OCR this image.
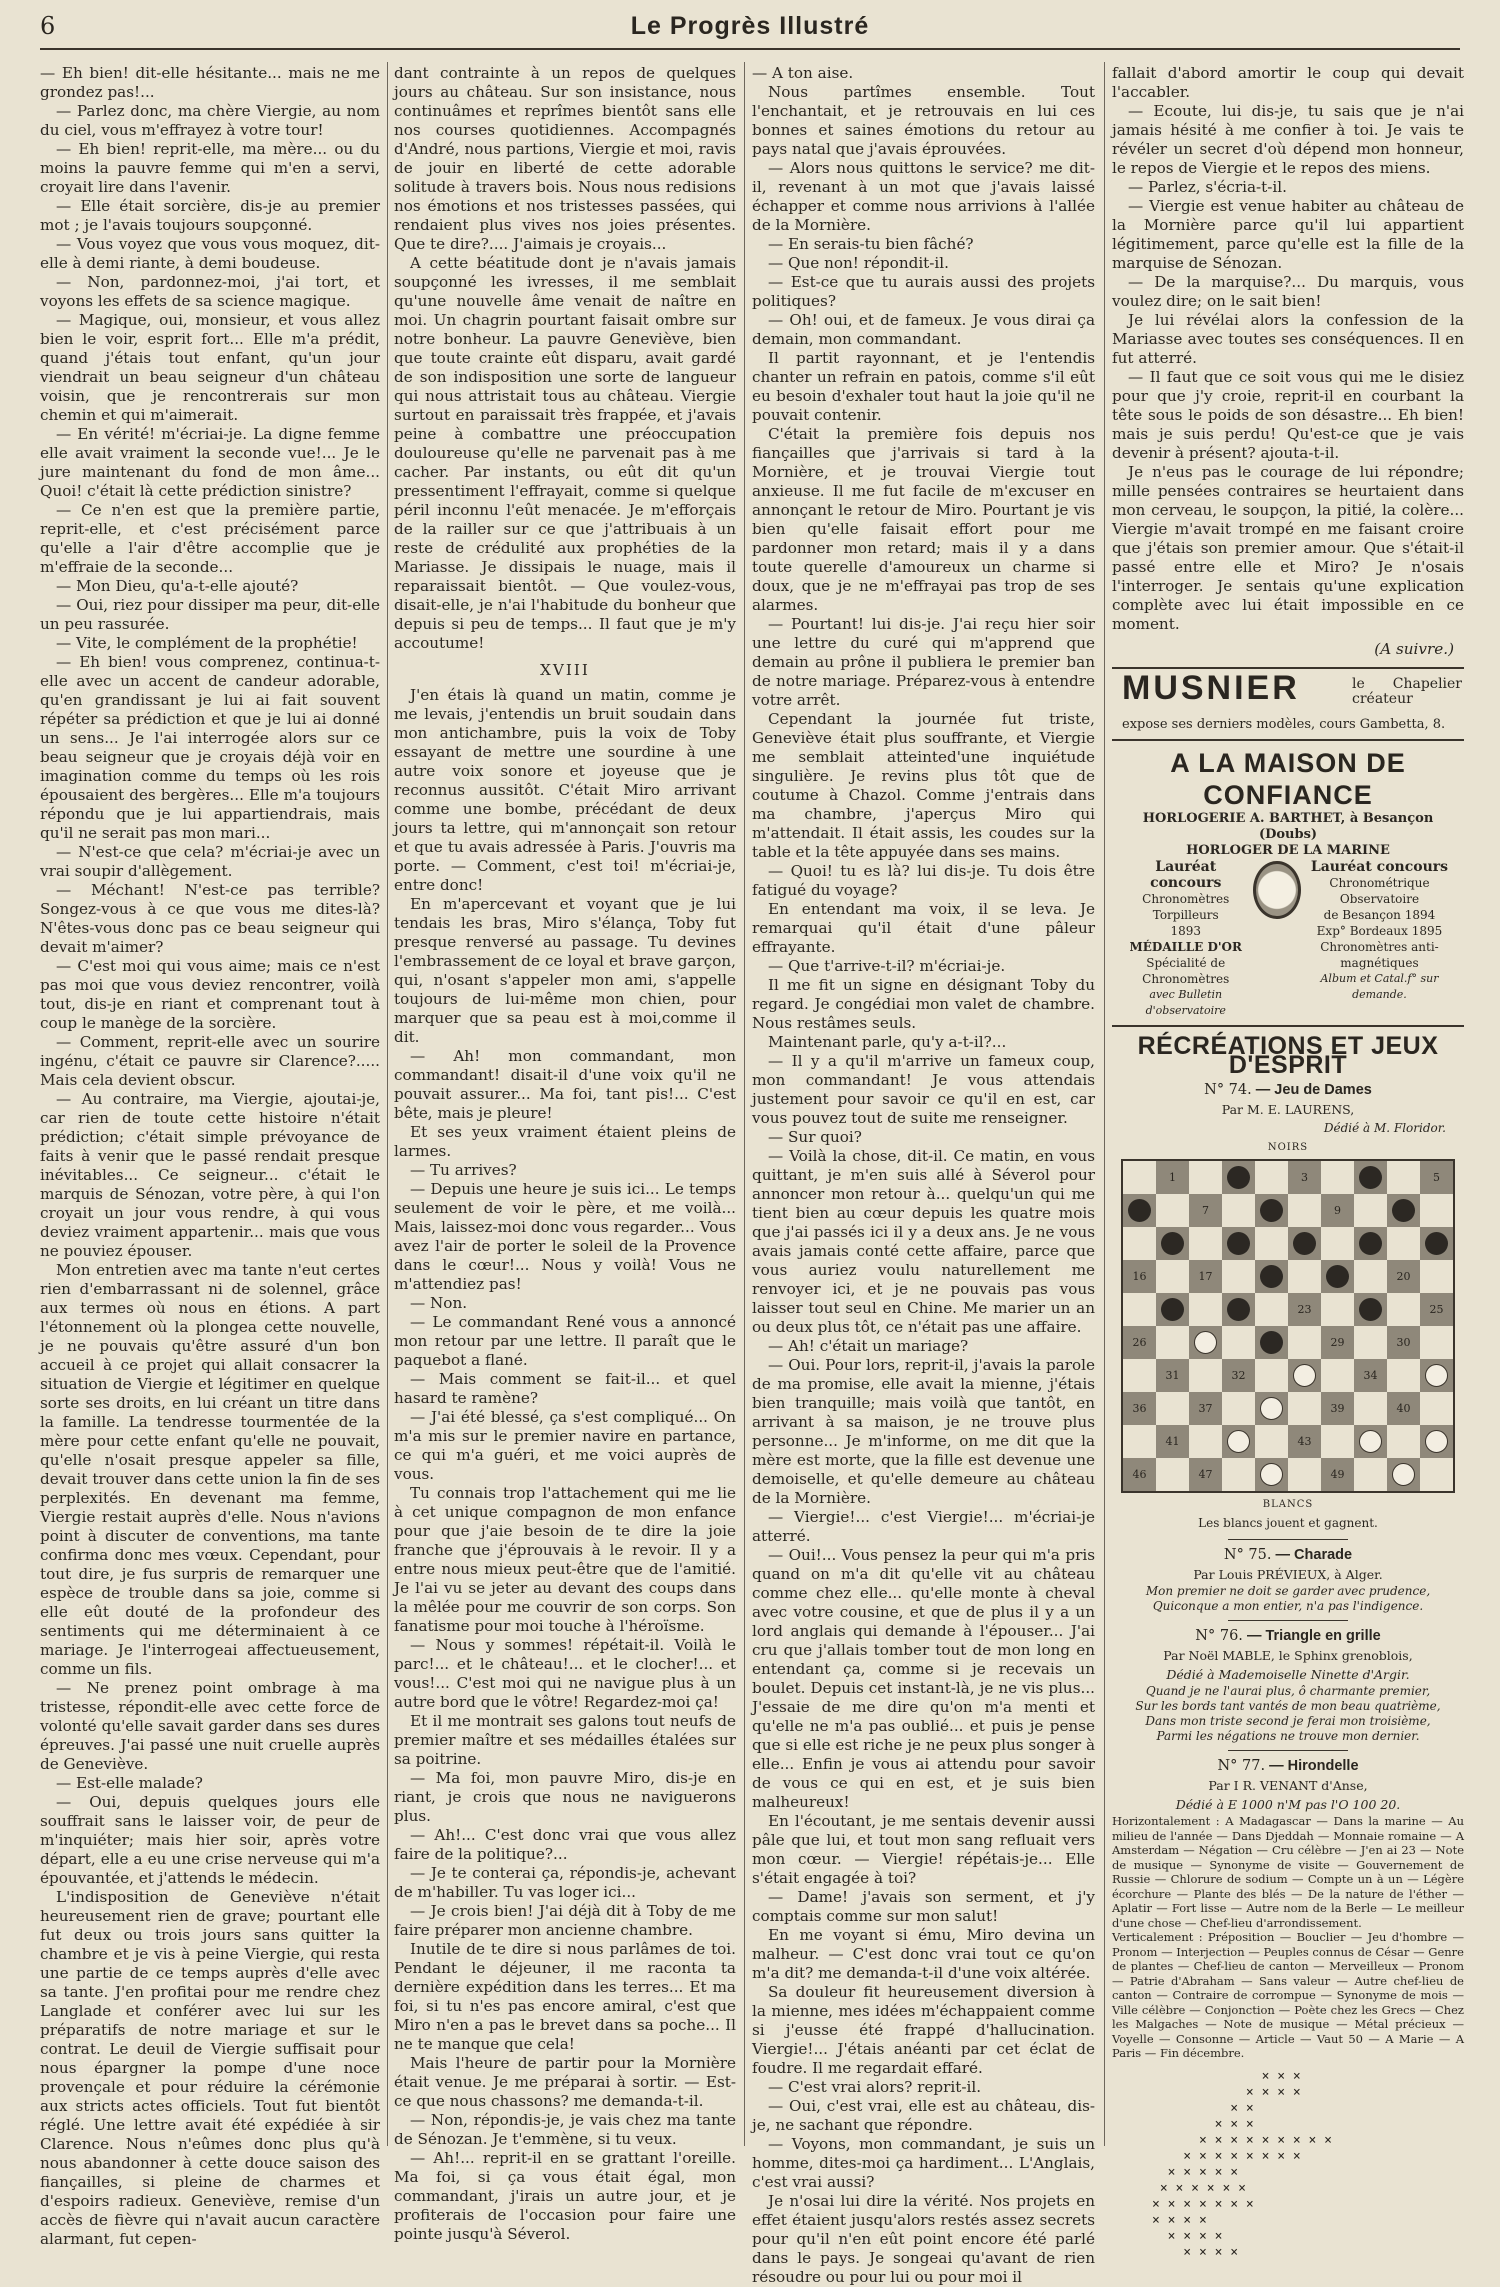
6	Le Progrès Illustré

— Eh bien! dit-elle hésitante... mais ne me grondez pas!...

— Parlez donc, ma chère Viergie, au nom du ciel, vous m'effrayez à votre tour!

— Eh bien! reprit-elle, ma mère... ou du moins la pauvre femme qui m'en a servi, croyait lire dans l'avenir.

— Elle était sorcière, dis-je au premier mot ; je l'avais toujours soupçonné.

— Vous voyez que vous vous moquez, dit-elle à demi riante, à demi boudeuse.

— Non, pardonnez-moi, j'ai tort, et voyons les effets de sa science magique.

— Magique, oui, monsieur, et vous allez bien le voir, esprit fort... Elle m'a prédit, quand j'étais tout enfant, qu'un jour viendrait un beau seigneur d'un château voisin, que je rencontrerais sur mon chemin et qui m'aimerait.

— En vérité! m'écriai-je. La digne femme elle avait vraiment la seconde vue!... Je le jure maintenant du fond de mon âme... Quoi! c'était là cette prédiction sinistre?

— Ce n'en est que la première partie, reprit-elle, et c'est précisément parce qu'elle a l'air d'être accomplie que je m'effraie de la seconde...

— Mon Dieu, qu'a-t-elle ajouté?

— Oui, riez pour dissiper ma peur, dit-elle un peu rassurée.

— Vite, le complément de la prophétie!

— Eh bien! vous comprenez, continua-t-elle avec un accent de candeur adorable, qu'en grandissant je lui ai fait souvent répéter sa prédiction et que je lui ai donné un sens... Je l'ai interrogée alors sur ce beau seigneur que je croyais déjà voir en imagination comme du temps où les rois épousaient des bergères... Elle m'a toujours répondu que je lui appartiendrais, mais qu'il ne serait pas mon mari...

— N'est-ce que cela? m'écriai-je avec un vrai soupir d'allègement.

— Méchant! N'est-ce pas terrible? Songez-vous à ce que vous me dites-là? N'êtes-vous donc pas ce beau seigneur qui devait m'aimer?

— C'est moi qui vous aime; mais ce n'est pas moi que vous deviez rencontrer, voilà tout, dis-je en riant et comprenant tout à coup le manège de la sorcière.

— Comment, reprit-elle avec un sourire ingénu, c'était ce pauvre sir Clarence?..... Mais cela devient obscur.

— Au contraire, ma Viergie, ajoutai-je, car rien de toute cette histoire n'était prédiction; c'était simple prévoyance de faits à venir que le passé rendait presque inévitables... Ce seigneur... c'était le marquis de Sénozan, votre père, à qui l'on croyait un jour vous rendre, à qui vous deviez vraiment appartenir... mais que vous ne pouviez épouser.

Mon entretien avec ma tante n'eut certes rien d'embarrassant ni de solennel, grâce aux termes où nous en étions. A part l'étonnement où la plongea cette nouvelle, je ne pouvais qu'être assuré d'un bon accueil à ce projet qui allait consacrer la situation de Viergie et légitimer en quelque sorte ses droits, en lui créant un titre dans la famille. La tendresse tourmentée de la mère pour cette enfant qu'elle ne pouvait, qu'elle n'osait presque appeler sa fille, devait trouver dans cette union la fin de ses perplexités. En devenant ma femme, Viergie restait auprès d'elle. Nous n'avions point à discuter de conventions, ma tante confirma donc mes vœux. Cependant, pour tout dire, je fus surpris de remarquer une espèce de trouble dans sa joie, comme si elle eût douté de la profondeur des sentiments qui me déterminaient à ce mariage. Je l'interrogeai affectueusement, comme un fils.

— Ne prenez point ombrage à ma tristesse, répondit-elle avec cette force de volonté qu'elle savait garder dans ses dures épreuves. J'ai passé une nuit cruelle auprès de Geneviève.

— Est-elle malade?

— Oui, depuis quelques jours elle souffrait sans le laisser voir, de peur de m'inquiéter; mais hier soir, après votre départ, elle a eu une crise nerveuse qui m'a épouvantée, et j'attends le médecin.

L'indisposition de Geneviève n'était heureusement rien de grave; pourtant elle fut deux ou trois jours sans quitter la chambre et je vis à peine Viergie, qui resta une partie de ce temps auprès d'elle avec sa tante. J'en profitai pour me rendre chez Langlade et conférer avec lui sur les préparatifs de notre mariage et sur le contrat. Le deuil de Viergie suffisait pour nous épargner la pompe d'une noce provençale et pour réduire la cérémonie aux stricts actes officiels. Tout fut bientôt réglé. Une lettre avait été expédiée à sir Clarence. Nous n'eûmes donc plus qu'à nous abandonner à cette douce saison des fiançailles, si pleine de charmes et d'espoirs radieux. Geneviève, remise d'un accès de fièvre qui n'avait aucun caractère alarmant, fut cepen-

dant contrainte à un repos de quelques jours au château. Sur son insistance, nous continuâmes et reprîmes bientôt sans elle nos courses quotidiennes. Accompagnés d'André, nous partions, Viergie et moi, ravis de jouir en liberté de cette adorable solitude à travers bois. Nous nous redisions nos émotions et nos tristesses passées, qui rendaient plus vives nos joies présentes. Que te dire?.... J'aimais je croyais...

A cette béatitude dont je n'avais jamais soupçonné les ivresses, il me semblait qu'une nouvelle âme venait de naître en moi. Un chagrin pourtant faisait ombre sur notre bonheur. La pauvre Geneviève, bien que toute crainte eût disparu, avait gardé de son indisposition une sorte de langueur qui nous attristait tous au château. Viergie surtout en paraissait très frappée, et j'avais peine à combattre une préoccupation douloureuse qu'elle ne parvenait pas à me cacher. Par instants, ou eût dit qu'un pressentiment l'effrayait, comme si quelque péril inconnu l'eût menacée. Je m'efforçais de la railler sur ce que j'attribuais à un reste de crédulité aux prophéties de la Mariasse. Je dissipais le nuage, mais il reparaissait bientôt. — Que voulez-vous, disait-elle, je n'ai l'habitude du bonheur que depuis si peu de temps... Il faut que je m'y accoutume!

XVIII

J'en étais là quand un matin, comme je me levais, j'entendis un bruit soudain dans mon antichambre, puis la voix de Toby essayant de mettre une sourdine à une autre voix sonore et joyeuse que je reconnus aussitôt. C'était Miro arrivant comme une bombe, précédant de deux jours ta lettre, qui m'annonçait son retour et que tu avais adressée à Paris. J'ouvris ma porte. — Comment, c'est toi! m'écriai-je, entre donc!

En m'apercevant et voyant que je lui tendais les bras, Miro s'élança, Toby fut presque renversé au passage. Tu devines l'embrassement de ce loyal et brave garçon, qui, n'osant s'appeler mon ami, s'appelle toujours de lui-même mon chien, pour marquer que sa peau est à moi,comme il dit.

— Ah! mon commandant, mon commandant! disait-il d'une voix qu'il ne pouvait assurer... Ma foi, tant pis!... C'est bête, mais je pleure!

Et ses yeux vraiment étaient pleins de larmes.

— Tu arrives?

— Depuis une heure je suis ici... Le temps seulement de voir le père, et me voilà... Mais, laissez-moi donc vous regarder... Vous avez l'air de porter le soleil de la Provence dans le cœur!... Nous y voilà! Vous ne m'attendiez pas!

— Non.

— Le commandant René vous a annoncé mon retour par une lettre. Il paraît que le paquebot a flané.

— Mais comment se fait-il... et quel hasard te ramène?

— J'ai été blessé, ça s'est compliqué... On m'a mis sur le premier navire en partance, ce qui m'a guéri, et me voici auprès de vous.

Tu connais trop l'attachement qui me lie à cet unique compagnon de mon enfance pour que j'aie besoin de te dire la joie franche que j'éprouvais à le revoir. Il y a entre nous mieux peut-être que de l'amitié. Je l'ai vu se jeter au devant des coups dans la mêlée pour me couvrir de son corps. Son fanatisme pour moi touche à l'héroïsme.

— Nous y sommes! répétait-il. Voilà le parc!... et le château!... et le clocher!... et vous!... C'est moi qui ne navigue plus à un autre bord que le vôtre! Regardez-moi ça!

Et il me montrait ses galons tout neufs de premier maître et ses médailles étalées sur sa poitrine.

— Ma foi, mon pauvre Miro, dis-je en riant, je crois que nous ne naviguerons plus.

— Ah!... C'est donc vrai que vous allez faire de la politique?...

— Je te conterai ça, répondis-je, achevant de m'habiller. Tu vas loger ici...

— Je crois bien! J'ai déjà dit à Toby de me faire préparer mon ancienne chambre.

Inutile de te dire si nous parlâmes de toi. Pendant le déjeuner, il me raconta ta dernière expédition dans les terres... Et ma foi, si tu n'es pas encore amiral, c'est que Miro n'en a pas le brevet dans sa poche... Il ne te manque que cela!

Mais l'heure de partir pour la Mornière était venue. Je me préparai à sortir. — Est-ce que nous chassons? me demanda-t-il.

— Non, répondis-je, je vais chez ma tante de Sénozan. Je t'emmène, si tu veux.

— Ah!... reprit-il en se grattant l'oreille. Ma foi, si ça vous était égal, mon commandant, j'irais un autre jour, et je profiterais de l'occasion pour faire une pointe jusqu'à Séverol.

— A ton aise.

Nous partîmes ensemble. Tout l'enchantait, et je retrouvais en lui ces bonnes et saines émotions du retour au pays natal que j'avais éprouvées.

— Alors nous quittons le service? me dit-il, revenant à un mot que j'avais laissé échapper et comme nous arrivions à l'allée de la Mornière.

— En serais-tu bien fâché?

— Que non! répondit-il.

— Est-ce que tu aurais aussi des projets politiques?

— Oh! oui, et de fameux. Je vous dirai ça demain, mon commandant.

Il partit rayonnant, et je l'entendis chanter un refrain en patois, comme s'il eût eu besoin d'exhaler tout haut la joie qu'il ne pouvait contenir.

C'était la première fois depuis nos fiançailles que j'arrivais si tard à la Mornière, et je trouvai Viergie tout anxieuse. Il me fut facile de m'excuser en annonçant le retour de Miro. Pourtant je vis bien qu'elle faisait effort pour me pardonner mon retard; mais il y a dans toute querelle d'amoureux un charme si doux, que je ne m'effrayai pas trop de ses alarmes.

— Pourtant! lui dis-je. J'ai reçu hier soir une lettre du curé qui m'apprend que demain au prône il publiera le premier ban de notre mariage. Préparez-vous à entendre votre arrêt.

Cependant la journée fut triste, Geneviève était plus souffrante, et Viergie me semblait atteinted'une inquiétude singulière. Je revins plus tôt que de coutume à Chazol. Comme j'entrais dans ma chambre, j'aperçus Miro qui m'attendait. Il était assis, les coudes sur la table et la tête appuyée dans ses mains.

— Quoi! tu es là? lui dis-je. Tu dois être fatigué du voyage?

En entendant ma voix, il se leva. Je remarquai qu'il était d'une pâleur effrayante.

— Que t'arrive-t-il? m'écriai-je.

Il me fit un signe en désignant Toby du regard. Je congédiai mon valet de chambre. Nous restâmes seuls.

Maintenant parle, qu'y a-t-il?...

— Il y a qu'il m'arrive un fameux coup, mon commandant! Je vous attendais justement pour savoir ce qu'il en est, car vous pouvez tout de suite me renseigner.

— Sur quoi?

— Voilà la chose, dit-il. Ce matin, en vous quittant, je m'en suis allé à Séverol pour annoncer mon retour à... quelqu'un qui me tient bien au cœur depuis les quatre mois que j'ai passés ici il y a deux ans. Je ne vous avais jamais conté cette affaire, parce que vous auriez voulu naturellement me renvoyer ici, et je ne pouvais pas vous laisser tout seul en Chine. Me marier un an ou deux plus tôt, ce n'était pas une affaire.

— Ah! c'était un mariage?

— Oui. Pour lors, reprit-il, j'avais la parole de ma promise, elle avait la mienne, j'étais bien tranquille; mais voilà que tantôt, en arrivant à sa maison, je ne trouve plus personne... Je m'informe, on me dit que la mère est morte, que la fille est devenue une demoiselle, et qu'elle demeure au château de la Mornière.

— Viergie!... c'est Viergie!... m'écriai-je atterré.

— Oui!... Vous pensez la peur qui m'a pris quand on m'a dit qu'elle vit au château comme chez elle... qu'elle monte à cheval avec votre cousine, et que de plus il y a un lord anglais qui demande à l'épouser... J'ai cru que j'allais tomber tout de mon long en entendant ça, comme si je recevais un boulet. Depuis cet instant-là, je ne vis plus... J'essaie de me dire qu'on m'a menti et qu'elle ne m'a pas oublié... et puis je pense que si elle est riche je ne peux plus songer à elle... Enfin je vous ai attendu pour savoir de vous ce qui en est, et je suis bien malheureux!

En l'écoutant, je me sentais devenir aussi pâle que lui, et tout mon sang refluait vers mon cœur. — Viergie! répétais-je... Elle s'était engagée à toi?

— Dame! j'avais son serment, et j'y comptais comme sur mon salut!

En me voyant si ému, Miro devina un malheur. — C'est donc vrai tout ce qu'on m'a dit? me demanda-t-il d'une voix altérée.

Sa douleur fit heureusement diversion à la mienne, mes idées m'échappaient comme si j'eusse été frappé d'hallucination. Viergie!... J'étais anéanti par cet éclat de foudre. Il me regardait effaré.

— C'est vrai alors? reprit-il.

— Oui, c'est vrai, elle est au château, dis-je, ne sachant que répondre.

— Voyons, mon commandant, je suis un homme, dites-moi ça hardiment... L'Anglais, c'est vrai aussi?

Je n'osai lui dire la vérité. Nos projets en effet étaient jusqu'alors restés assez secrets pour qu'il n'en eût point encore été parlé dans le pays. Je songeai qu'avant de rien résoudre ou pour lui ou pour moi il

fallait d'abord amortir le coup qui devait l'accabler.

— Ecoute, lui dis-je, tu sais que je n'ai jamais hésité à me confier à toi. Je vais te révéler un secret d'où dépend mon honneur, le repos de Viergie et le repos des miens.

— Parlez, s'écria-t-il.

— Viergie est venue habiter au château de la Mornière parce qu'il lui appartient légitimement, parce qu'elle est la fille de la marquise de Sénozan.

— De la marquise?... Du marquis, vous voulez dire; on le sait bien!

Je lui révélai alors la confession de la Mariasse avec toutes ses conséquences. Il en fut atterré.

— Il faut que ce soit vous qui me le disiez pour que j'y croie, reprit-il en courbant la tête sous le poids de son désastre... Eh bien! mais je suis perdu! Qu'est-ce que je vais devenir à présent? ajouta-t-il.

Je n'eus pas le courage de lui répondre; mille pensées contraires se heurtaient dans mon cerveau, le soupçon, la pitié, la colère... Viergie m'avait trompé en me faisant croire que j'étais son premier amour. Que s'était-il passé entre elle et Miro? Je n'osais l'interroger. Je sentais qu'une explication complète avec lui était impossible en ce moment.

(A suivre.)
MUSNIER	le Chapelier créateur
expose ses derniers modèles, cours Gambetta, 8.
A LA MAISON DE CONFIANCE
HORLOGERIE A. BARTHET, à Besançon (Doubs)
HORLOGER DE LA MARINE
Lauréat concours
Chronomètres Torpilleurs
1893
MÉDAILLE D'OR
Spécialité de Chronomètres
avec Bulletin d'observatoire
Lauréat concours
Chronométrique Observatoire
de Besançon 1894
Exp° Bordeaux 1895
Chronomètres anti-magnétiques
Album et Catal.f° sur demande.
RÉCRÉATIONS ET JEUX D'ESPRIT
N° 74. — Jeu de Dames
Par M. E. LAURENS,
Dédié à M. Floridor.
NOIRS
1	3	5
7	9
16	17	20
23	25
26	29	30
31	32	34
36	37	39	40
41	43
46	47	49
BLANCS
Les blancs jouent et gagnent.
N° 75. — Charade
Par Louis PRÉVIEUX, à Alger.
Mon premier ne doit se garder avec prudence,
Quiconque a mon entier, n'a pas l'indigence.
N° 76. — Triangle en grille
Par Noël MABLE, le Sphinx grenoblois,
Dédié à Mademoiselle Ninette d'Argir.
Quand je ne l'aurai plus, ô charmante premier,
Sur les bords tant vantés de mon beau quatrième,
Dans mon triste second je ferai mon troisième,
Parmi les négations ne trouve mon dernier.
N° 77. — Hirondelle
Par I R. VENANT d'Anse,
Dédié à E 1000 n'M pas l'O 100 20.
Horizontalement : A Madagascar — Dans la marine — Au milieu de l'année — Dans Djeddah — Monnaie romaine — A Amsterdam — Négation — Cru célèbre — J'en ai 23 — Note de musique — Synonyme de visite — Gouvernement de Russie — Chlorure de sodium — Compte un à un — Légère écorchure — Plante des blés — De la nature de l'éther — Aplatir — Fort lisse — Autre nom de la Berle — Le meilleur d'une chose — Chef-lieu d'arrondissement.
Verticalement : Préposition — Bouclier — Jeu d'hombre — Pronom — Interjection — Peuples connus de César — Genre de plantes — Chef-lieu de canton — Merveilleux — Pronom — Patrie d'Abraham — Sans valeur — Autre chef-lieu de canton — Contraire de corrompue — Synonyme de mois — Ville célèbre — Conjonction — Poète chez les Grecs — Chez les Malgaches — Note de musique — Métal précieux — Voyelle — Consonne — Article — Vaut 50 — A Marie — A Paris — Fin décembre.
× × ×
× × × ×
× ×
× × ×
× × × × × × × × ×
× × × × × × × ×
× × × × ×
× × × × × ×
× × × × × × ×
× × × ×
× × × ×
× × × ×
